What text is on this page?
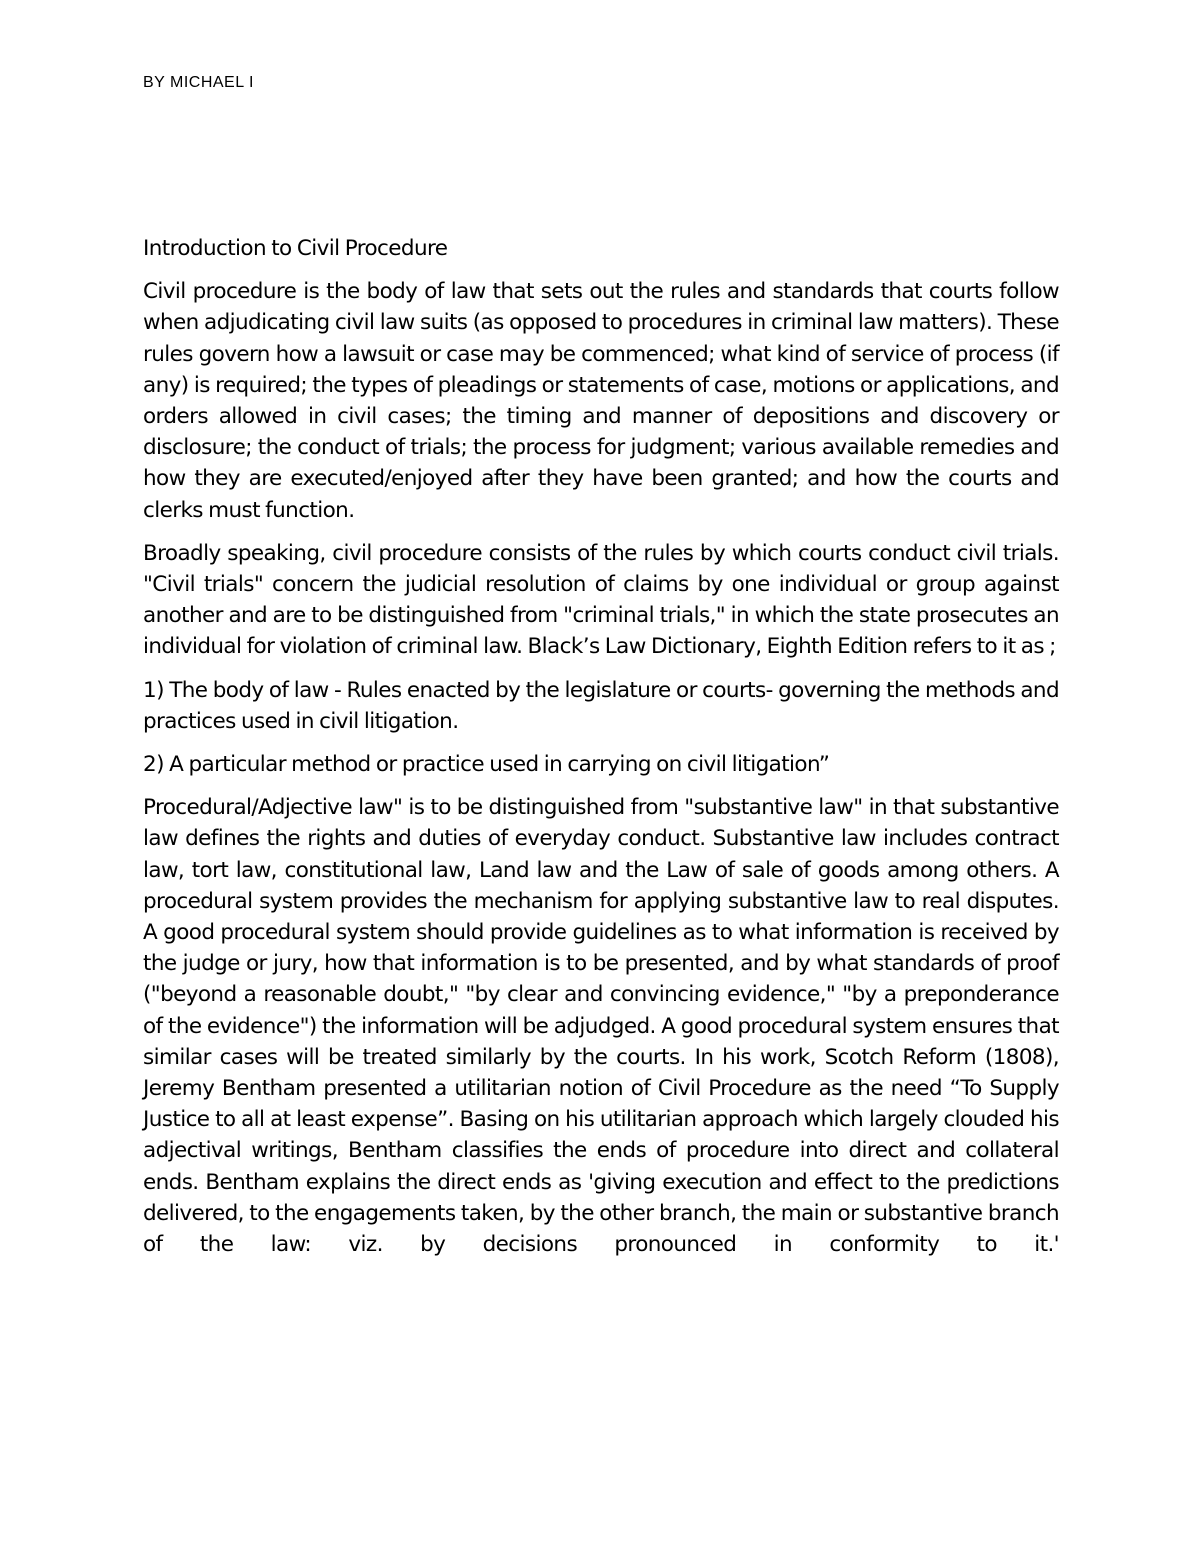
BY MICHAEL I
Introduction to Civil Procedure

Civil procedure is the body of law that sets out the rules and standards that courts follow when adjudicating civil law suits (as opposed to procedures in criminal law matters). These rules govern how a lawsuit or case may be commenced; what kind of service of process (if any) is required; the types of pleadings or statements of case, motions or applications, and orders allowed in civil cases; the timing and manner of depositions and discovery or disclosure; the conduct of trials; the process for judgment; various available remedies and how they are executed/enjoyed after they have been granted; and how the courts and clerks must function.

Broadly speaking, civil procedure consists of the rules by which courts conduct civil trials. "Civil trials" concern the judicial resolution of claims by one individual or group against another and are to be distinguished from "criminal trials," in which the state prosecutes an individual for violation of criminal law. Black’s Law Dictionary, Eighth Edition refers to it as ;

1) The body of law - Rules enacted by the legislature or courts- governing the methods and practices used in civil litigation.

2) A particular method or practice used in carrying on civil litigation”

Procedural/Adjective law" is to be distinguished from "substantive law" in that substantive law defines the rights and duties of everyday conduct. Substantive law includes contract law, tort law, constitutional law, Land law and the Law of sale of goods among others. A procedural system provides the mechanism for applying substantive law to real disputes. A good procedural system should provide guidelines as to what information is received by the judge or jury, how that information is to be presented, and by what standards of proof ("beyond a reasonable doubt," "by clear and convincing evidence," "by a preponderance of the evidence") the information will be adjudged. A good procedural system ensures that similar cases will be treated similarly by the courts. In his work, Scotch Reform (1808), Jeremy Bentham presented a utilitarian notion of Civil Procedure as the need “To Supply Justice to all at least expense”. Basing on his utilitarian approach which largely clouded his adjectival writings, Bentham classifies the ends of procedure into direct and collateral ends. Bentham explains the direct ends as 'giving execution and effect to the predictions delivered, to the engagements taken, by the other branch, the main or substantive branch of the law: viz. by decisions pronounced in conformity to it.'
